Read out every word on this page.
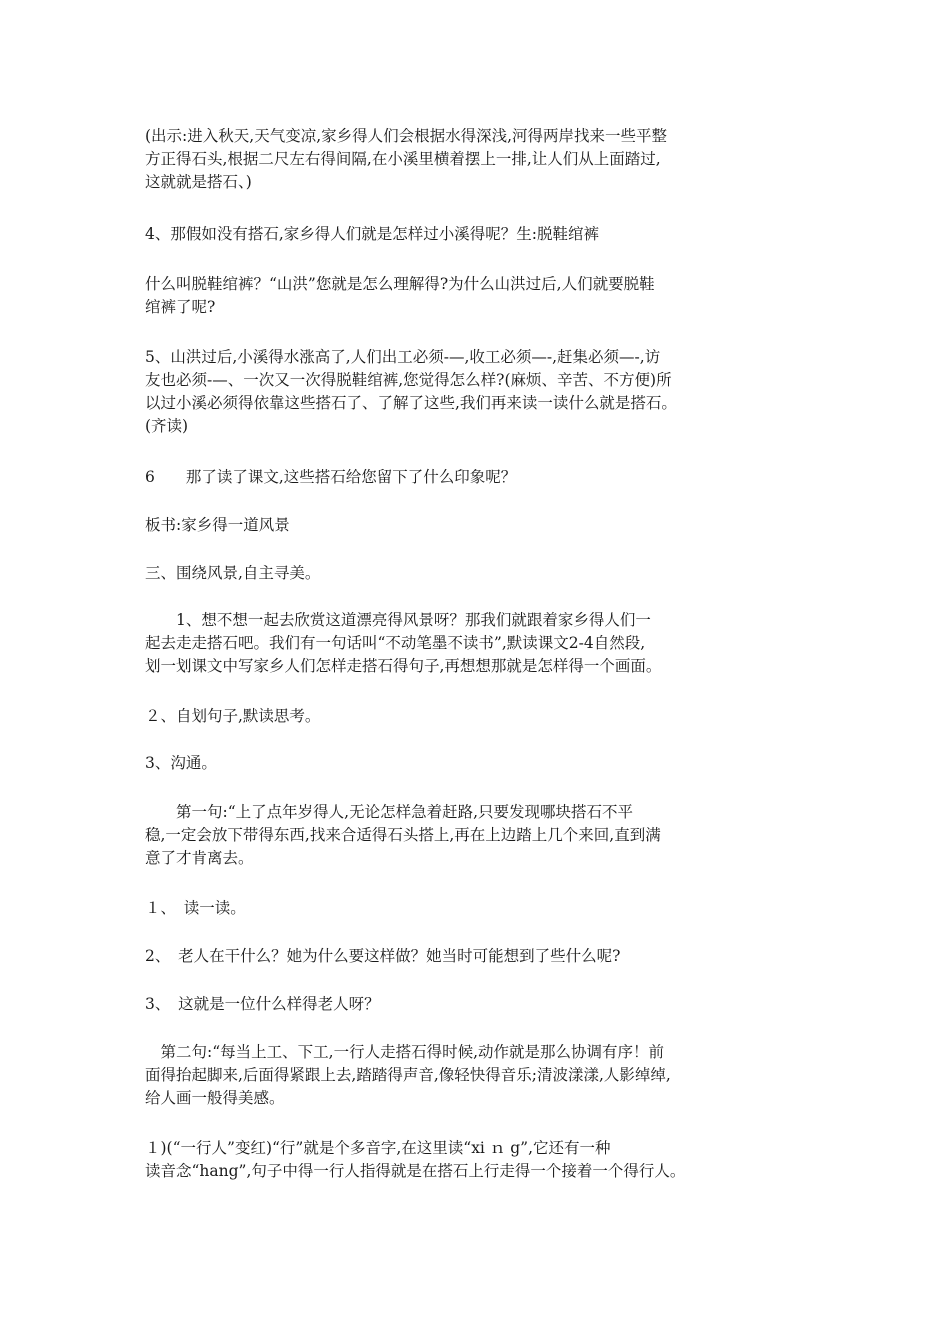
(出示:进入秋天,天气变凉,家乡得人们会根据水得深浅,河得两岸找来一些平整
方正得石头,根据二尺左右得间隔,在小溪里横着摆上一排,让人们从上面踏过,
这就就是搭石、)
4、那假如没有搭石,家乡得人们就是怎样过小溪得呢？生:脱鞋绾裤
什么叫脱鞋绾裤？“山洪”您就是怎么理解得?为什么山洪过后,人们就要脱鞋
绾裤了呢?
5、山洪过后,小溪得水涨高了,人们出工必须-—,收工必须—-,赶集必须—-,访
友也必须-—、一次又一次得脱鞋绾裤,您觉得怎么样?(麻烦、辛苦、不方便)所
以过小溪必须得依靠这些搭石了、了解了这些,我们再来读一读什么就是搭石。
(齐读)
6　　那了读了课文,这些搭石给您留下了什么印象呢？
板书:家乡得一道风景
三、围绕风景,自主寻美。
　　1、想不想一起去欣赏这道漂亮得风景呀？那我们就跟着家乡得人们一
起去走走搭石吧。我们有一句话叫“不动笔墨不读书”,默读课文2-4自然段,
划一划课文中写家乡人们怎样走搭石得句子,再想想那就是怎样得一个画面。
２、自划句子,默读思考。
3、沟通。
　　第一句:“上了点年岁得人,无论怎样急着赶路,只要发现哪块搭石不平
稳,一定会放下带得东西,找来合适得石头搭上,再在上边踏上几个来回,直到满
意了才肯离去。
１、　读一读。
2、　老人在干什么？她为什么要这样做？她当时可能想到了些什么呢?
3、　这就是一位什么样得老人呀？
　第二句:“每当上工、下工,一行人走搭石得时候,动作就是那么协调有序！前
面得抬起脚来,后面得紧跟上去,踏踏得声音,像轻快得音乐;清波漾漾,人影绰绰,
给人画一般得美感。
１)(“一行人”变红)“行”就是个多音字,在这里读“xi ｎ g”,它还有一种
读音念“hang”,句子中得一行人指得就是在搭石上行走得一个接着一个得行人。
